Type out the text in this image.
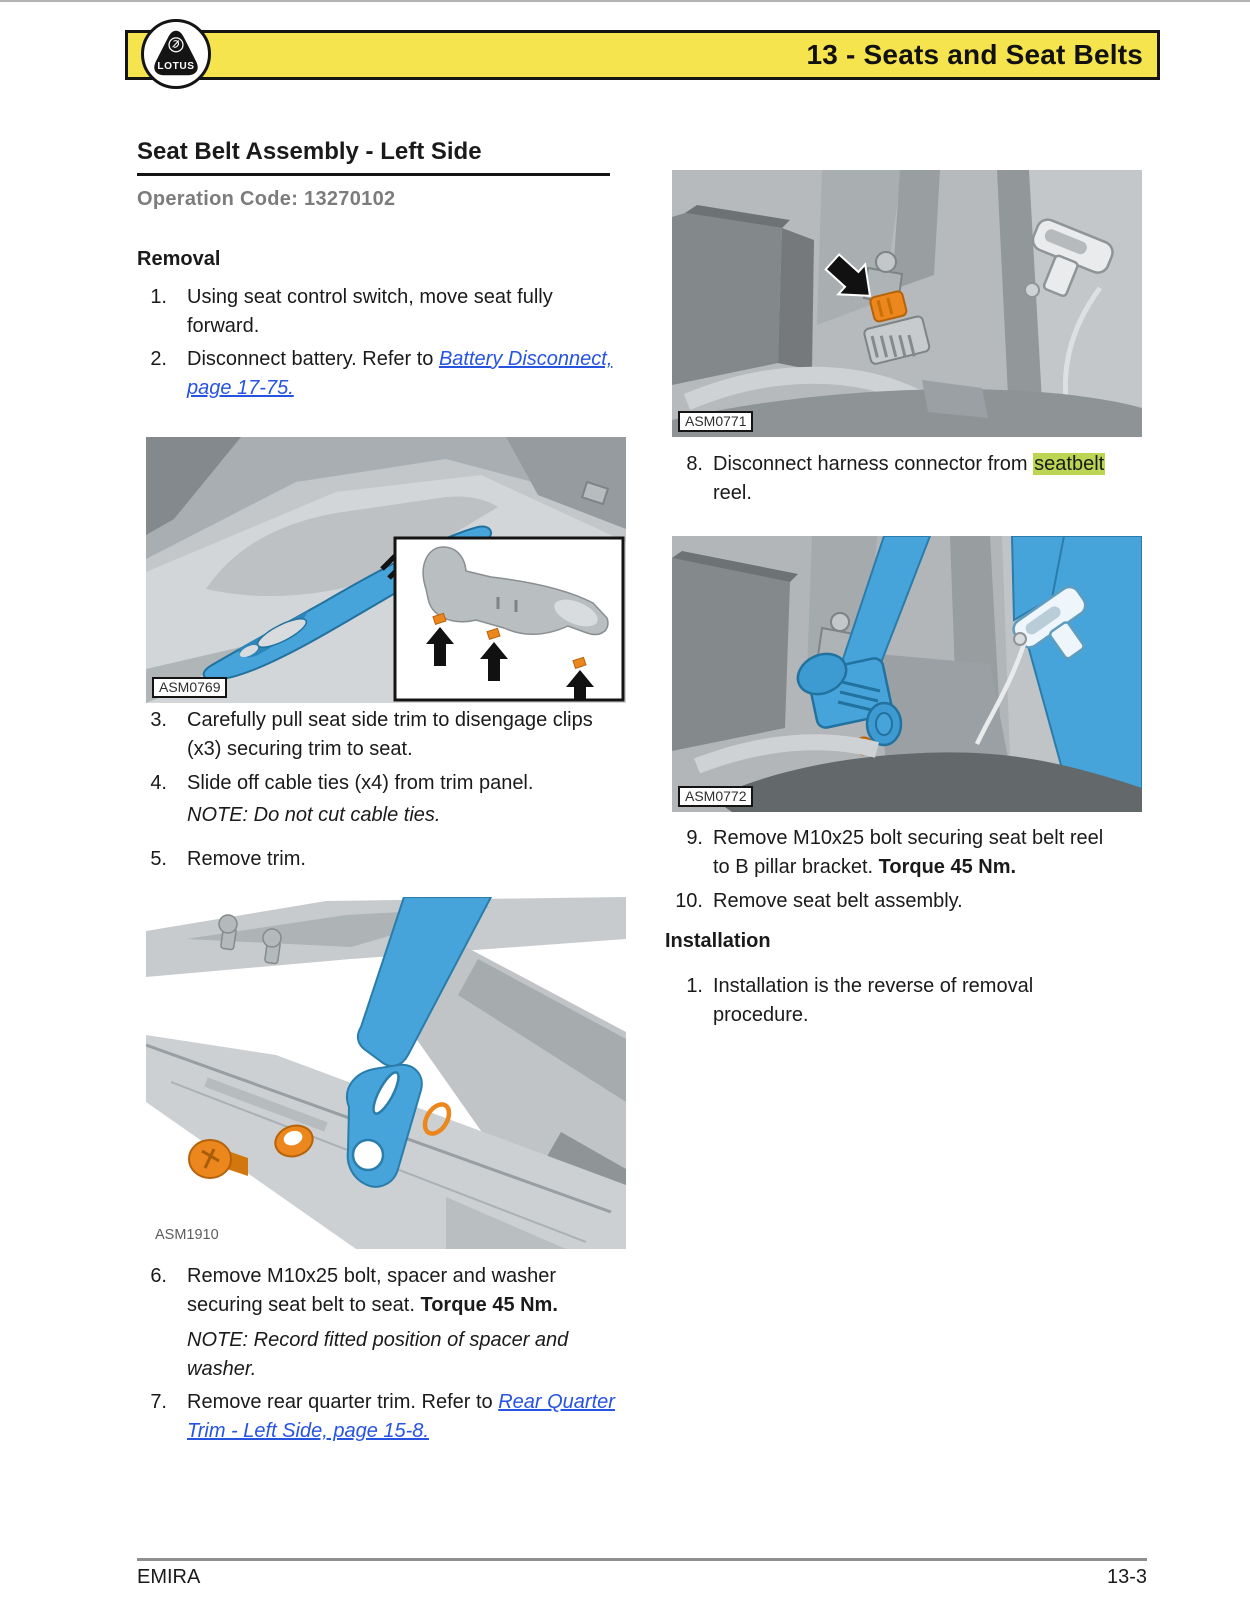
13 - Seats and Seat Belts
LOTUS
Seat Belt Assembly - Left Side
Operation Code: 13270102
Removal
1. Using seat control switch, move seat fully forward.
2. Disconnect battery. Refer to Battery Disconnect, page 17-75.
ASM0769
3. Carefully pull seat side trim to disengage clips (x3) securing trim to seat.
4. Slide off cable ties (x4) from trim panel.
NOTE: Do not cut cable ties.
5. Remove trim.
ASM1910
6. Remove M10x25 bolt, spacer and washer securing seat belt to seat. Torque 45 Nm.
NOTE: Record fitted position of spacer and washer.
7. Remove rear quarter trim. Refer to Rear Quarter Trim - Left Side, page 15-8.
ASM0771
8. Disconnect harness connector from seatbelt reel.
ASM0772
9. Remove M10x25 bolt securing seat belt reel to B pillar bracket. Torque 45 Nm.
10. Remove seat belt assembly.
Installation
1. Installation is the reverse of removal procedure.
EMIRA	13-3
